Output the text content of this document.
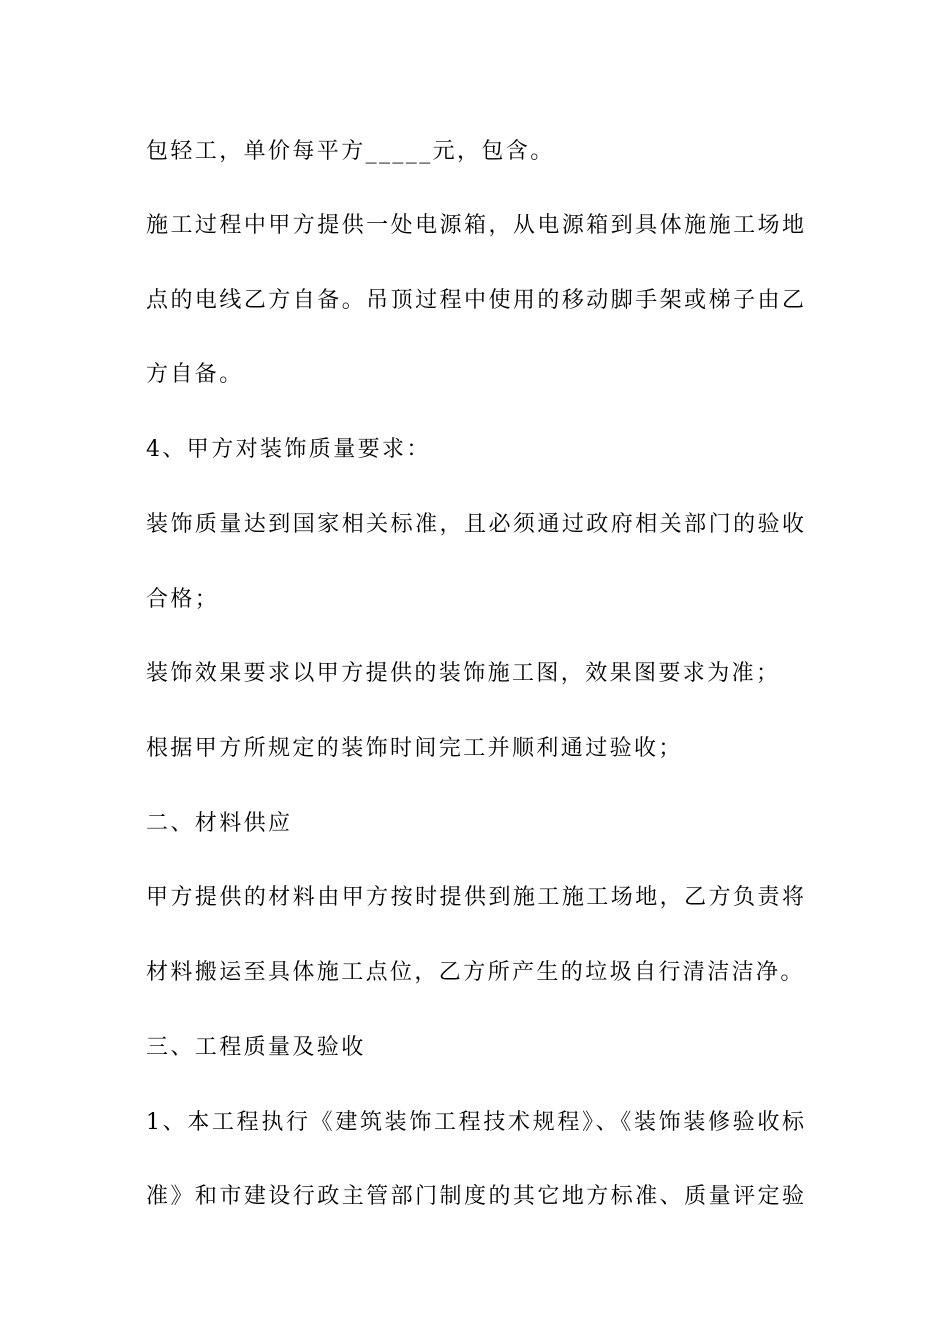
包轻工，单价每平方_____元，包含。
施工过程中甲方提供一处电源箱，从电源箱到具体施施工场地
点的电线乙方自备。吊顶过程中使用的移动脚手架或梯子由乙
方自备。
4、甲方对装饰质量要求：
装饰质量达到国家相关标准，且必须通过政府相关部门的验收
合格；
装饰效果要求以甲方提供的装饰施工图，效果图要求为准；
根据甲方所规定的装饰时间完工并顺利通过验收；
二、材料供应
甲方提供的材料由甲方按时提供到施工施工场地，乙方负责将
材料搬运至具体施工点位，乙方所产生的垃圾自行清洁洁净。
三、工程质量及验收
1、本工程执行《建筑装饰工程技术规程》、《装饰装修验收标
准》和市建设行政主管部门制度的其它地方标准、质量评定验
